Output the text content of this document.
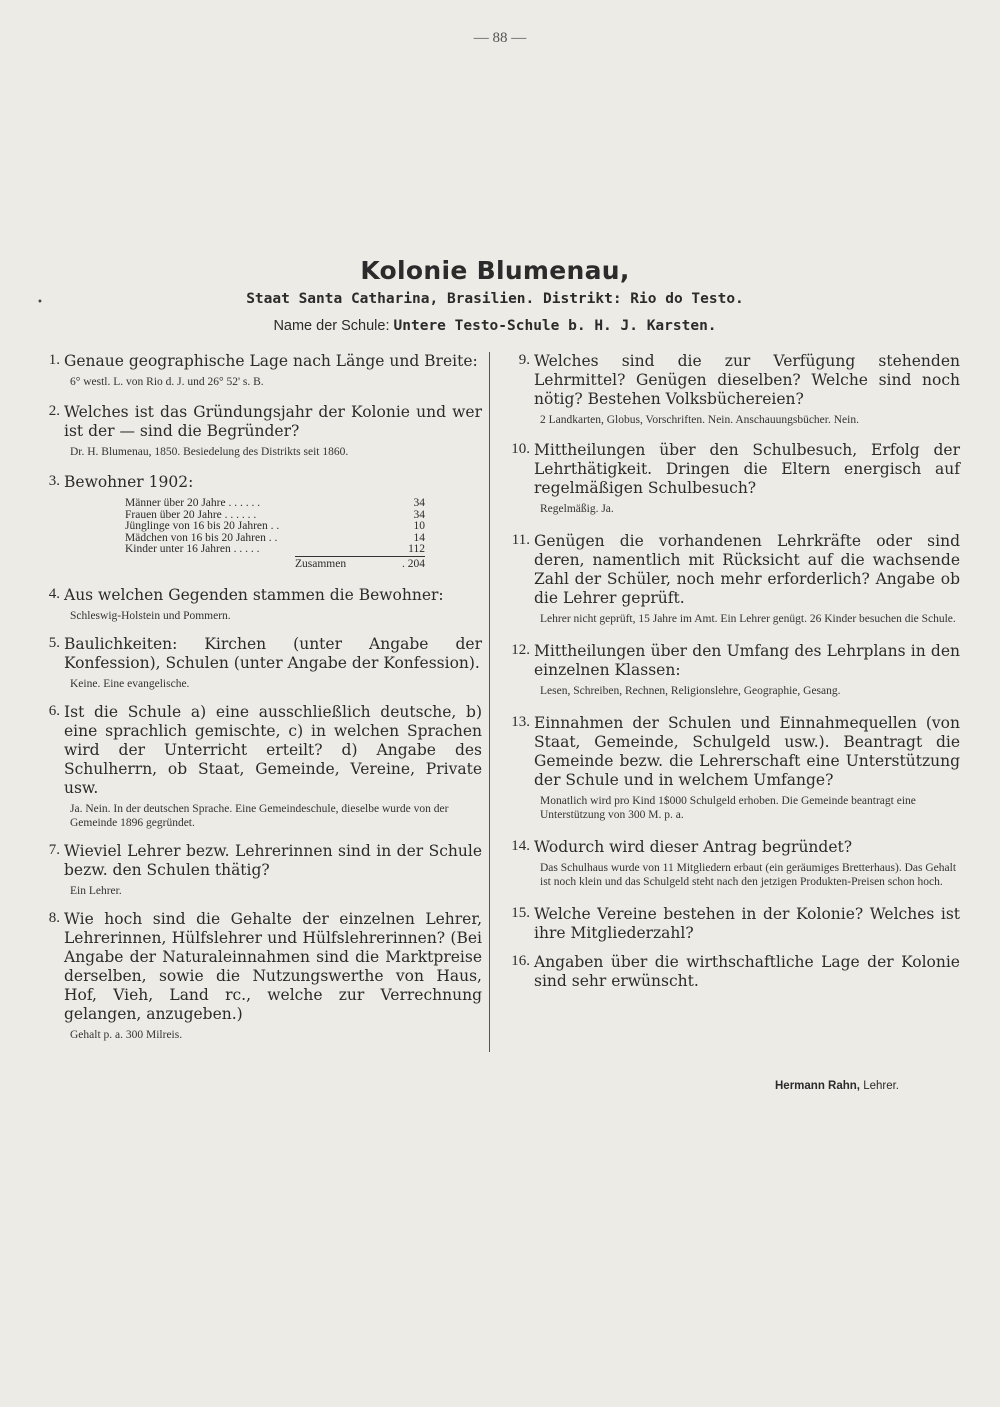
— 88 —
Kolonie Blumenau,
•	Staat Santa Catharina, Brasilien. Distrikt: Rio do Testo.
Name der Schule: Untere Testo-Schule b. H. J. Karsten.
1. Genaue geographische Lage nach Länge und Breite:
6° westl. L. von Rio d. J. und 26° 52' s. B.
2. Welches ist das Gründungsjahr der Kolonie und wer ist der — sind die Begründer?
Dr. H. Blumenau, 1850. Besiedelung des Distrikts seit 1860.
3. Bewohner 1902:
Männer über 20 Jahre . . . . . .	34
Frauen über 20 Jahre . . . . . .	34
Jünglinge von 16 bis 20 Jahren . .	10
Mädchen von 16 bis 20 Jahren . .	14
Kinder unter 16 Jahren . . . . .	112
Zusammen	. 204
4. Aus welchen Gegenden stammen die Bewohner:
Schleswig-Holstein und Pommern.
5. Baulichkeiten: Kirchen (unter Angabe der Konfession), Schulen (unter Angabe der Konfession).
Keine. Eine evangelische.
6. Ist die Schule a) eine ausschließlich deutsche, b) eine sprachlich gemischte, c) in welchen Sprachen wird der Unterricht erteilt? d) Angabe des Schulherrn, ob Staat, Gemeinde, Vereine, Private usw.
Ja. Nein. In der deutschen Sprache. Eine Gemeindeschule, dieselbe wurde von der Gemeinde 1896 gegründet.
7. Wieviel Lehrer bezw. Lehrerinnen sind in der Schule bezw. den Schulen thätig?
Ein Lehrer.
8. Wie hoch sind die Gehalte der einzelnen Lehrer, Lehrerinnen, Hülfslehrer und Hülfslehrerinnen? (Bei Angabe der Naturaleinnahmen sind die Marktpreise derselben, sowie die Nutzungswerthe von Haus, Hof, Vieh, Land rc., welche zur Verrechnung gelangen, anzugeben.)
Gehalt p. a. 300 Milreis.
9. Welches sind die zur Verfügung stehenden Lehrmittel? Genügen dieselben? Welche sind noch nötig? Bestehen Volksbüchereien?
2 Landkarten, Globus, Vorschriften. Nein. Anschauungsbücher. Nein.
10. Mittheilungen über den Schulbesuch, Erfolg der Lehrthätigkeit. Dringen die Eltern energisch auf regelmäßigen Schulbesuch?
Regelmäßig. Ja.
11. Genügen die vorhandenen Lehrkräfte oder sind deren, namentlich mit Rücksicht auf die wachsende Zahl der Schüler, noch mehr erforderlich? Angabe ob die Lehrer geprüft.
Lehrer nicht geprüft, 15 Jahre im Amt. Ein Lehrer genügt. 26 Kinder besuchen die Schule.
12. Mittheilungen über den Umfang des Lehrplans in den einzelnen Klassen:
Lesen, Schreiben, Rechnen, Religionslehre, Geographie, Gesang.
13. Einnahmen der Schulen und Einnahmequellen (von Staat, Gemeinde, Schulgeld usw.). Beantragt die Gemeinde bezw. die Lehrerschaft eine Unterstützung der Schule und in welchem Umfange?
Monatlich wird pro Kind 1$000 Schulgeld erhoben. Die Gemeinde beantragt eine Unterstützung von 300 M. p. a.
14. Wodurch wird dieser Antrag begründet?
Das Schulhaus wurde von 11 Mitgliedern erbaut (ein geräumiges Bretterhaus). Das Gehalt ist noch klein und das Schulgeld steht nach den jetzigen Produkten-Preisen schon hoch.
15. Welche Vereine bestehen in der Kolonie? Welches ist ihre Mitgliederzahl?
16. Angaben über die wirthschaftliche Lage der Kolonie sind sehr erwünscht.
Hermann Rahn, Lehrer.
